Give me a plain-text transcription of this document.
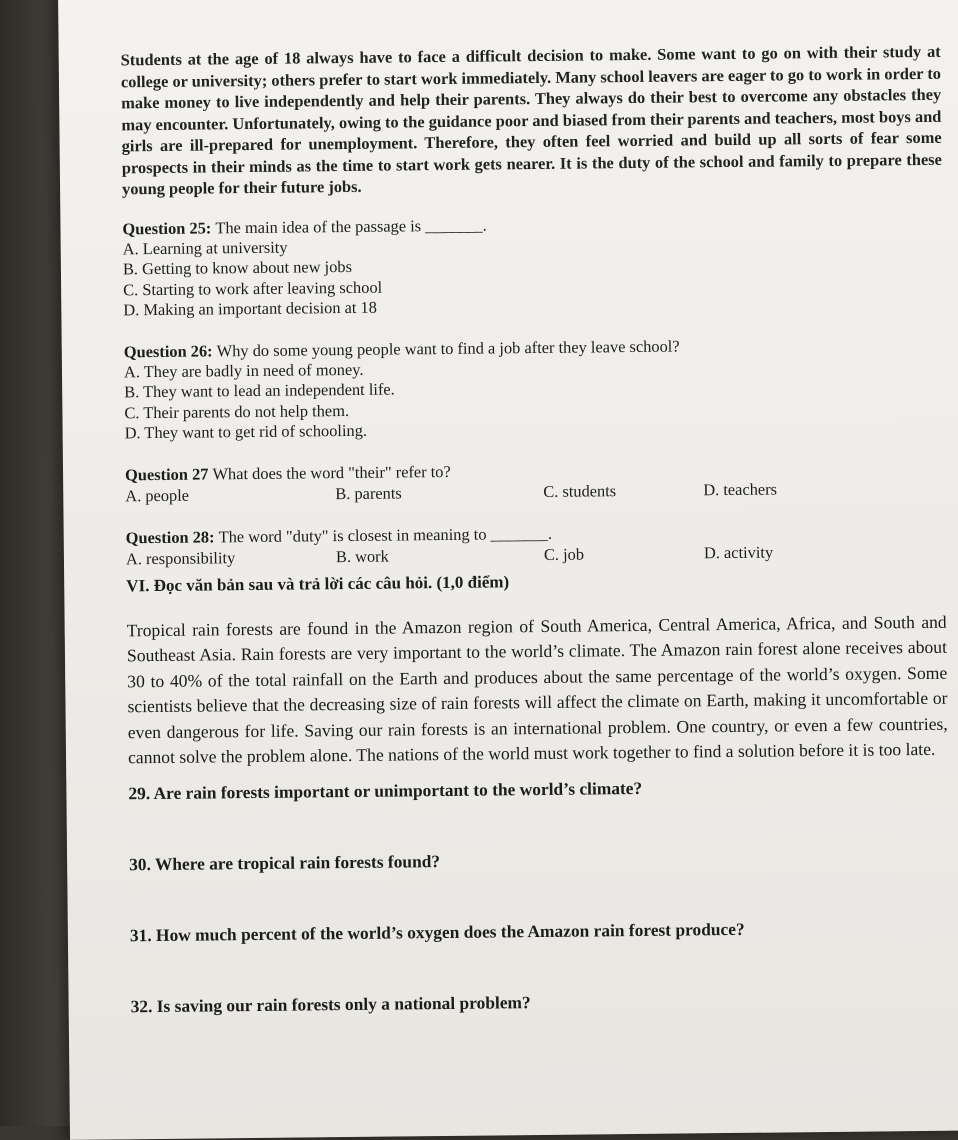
Students at the age of 18 always have to face a difficult decision to make. Some want to go on with their study at college or university; others prefer to start work immediately. Many school leavers are eager to go to work in order to make money to live independently and help their parents. They always do their best to overcome any obstacles they may encounter. Unfortunately, owing to the guidance poor and biased from their parents and teachers, most boys and girls are ill-prepared for unemployment. Therefore, they often feel worried and build up all sorts of fear some prospects in their minds as the time to start work gets nearer. It is the duty of the school and family to prepare these young people for their future jobs.

Question 25: The main idea of the passage is _______.

A. Learning at university

B. Getting to know about new jobs

C. Starting to work after leaving school

D. Making an important decision at 18

Question 26: Why do some young people want to find a job after they leave school?

A. They are badly in need of money.

B. They want to lead an independent life.

C. Their parents do not help them.

D. They want to get rid of schooling.

Question 27 What does the word "their" refer to?

A. people	B. parents	C. students	D. teachers

Question 28: The word "duty" is closest in meaning to _______.

A. responsibility	B. work	C. job	D. activity

VI. Đọc văn bản sau và trả lời các câu hỏi. (1,0 điểm)

Tropical rain forests are found in the Amazon region of South America, Central America, Africa, and South and Southeast Asia. Rain forests are very important to the world’s climate. The Amazon rain forest alone receives about 30 to 40% of the total rainfall on the Earth and produces about the same percentage of the world’s oxygen. Some scientists believe that the decreasing size of rain forests will affect the climate on Earth, making it uncomfortable or even dangerous for life. Saving our rain forests is an international problem. One country, or even a few countries, cannot solve the problem alone. The nations of the world must work together to find a solution before it is too late.

29. Are rain forests important or unimportant to the world’s climate?

30. Where are tropical rain forests found?

31. How much percent of the world’s oxygen does the Amazon rain forest produce?

32. Is saving our rain forests only a national problem?
